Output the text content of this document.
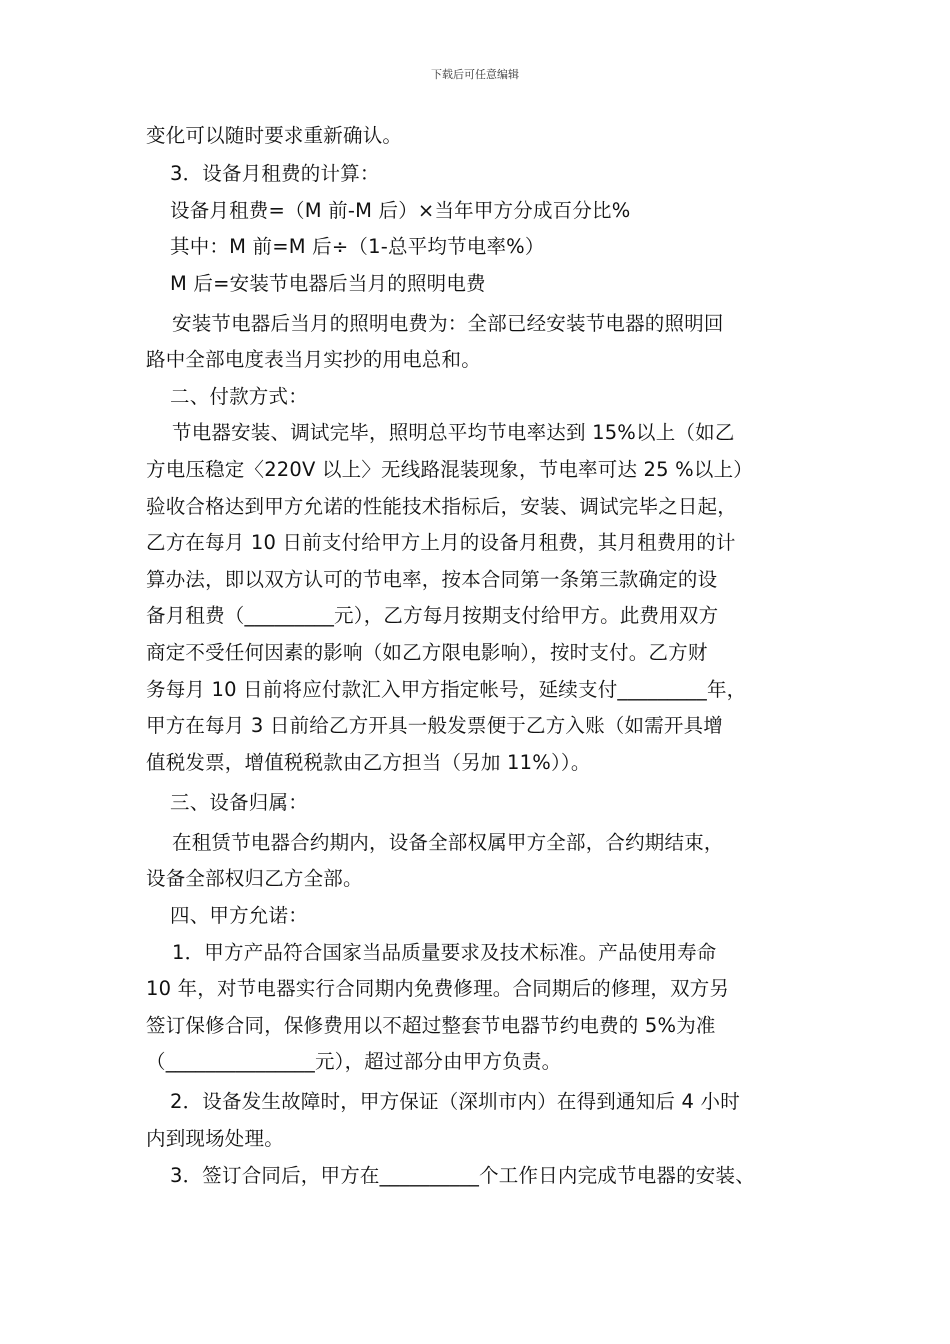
下载后可任意编辑
变化可以随时要求重新确认。
3．设备月租费的计算：
设备月租费=（M 前-M 后）×当年甲方分成百分比%
其中：M 前=M 后÷（1-总平均节电率%）
M 后=安装节电器后当月的照明电费
安装节电器后当月的照明电费为：全部已经安装节电器的照明回
路中全部电度表当月实抄的用电总和。
二、付款方式：
节电器安装、调试完毕，照明总平均节电率达到 15%以上（如乙
方电压稳定〈220V 以上〉无线路混装现象，节电率可达 25 %以上）
验收合格达到甲方允诺的性能技术指标后，安装、调试完毕之日起，
乙方在每月 10 日前支付给甲方上月的设备月租费，其月租费用的计
算办法，即以双方认可的节电率，按本合同第一条第三款确定的设
备月租费（_________元），乙方每月按期支付给甲方。此费用双方
商定不受任何因素的影响（如乙方限电影响），按时支付。乙方财
务每月 10 日前将应付款汇入甲方指定帐号，延续支付_________年，
甲方在每月 3 日前给乙方开具一般发票便于乙方入账（如需开具增
值税发票，增值税税款由乙方担当（另加 11%））。
三、设备归属：
在租赁节电器合约期内，设备全部权属甲方全部，合约期结束，
设备全部权归乙方全部。
四、甲方允诺：
1．甲方产品符合国家当品质量要求及技术标准。产品使用寿命
10 年，对节电器实行合同期内免费修理。合同期后的修理，双方另
签订保修合同，保修费用以不超过整套节电器节约电费的 5%为准
（_______________元），超过部分由甲方负责。
2．设备发生故障时，甲方保证（深圳市内）在得到通知后 4 小时
内到现场处理。
3．签订合同后，甲方在__________个工作日内完成节电器的安装、
